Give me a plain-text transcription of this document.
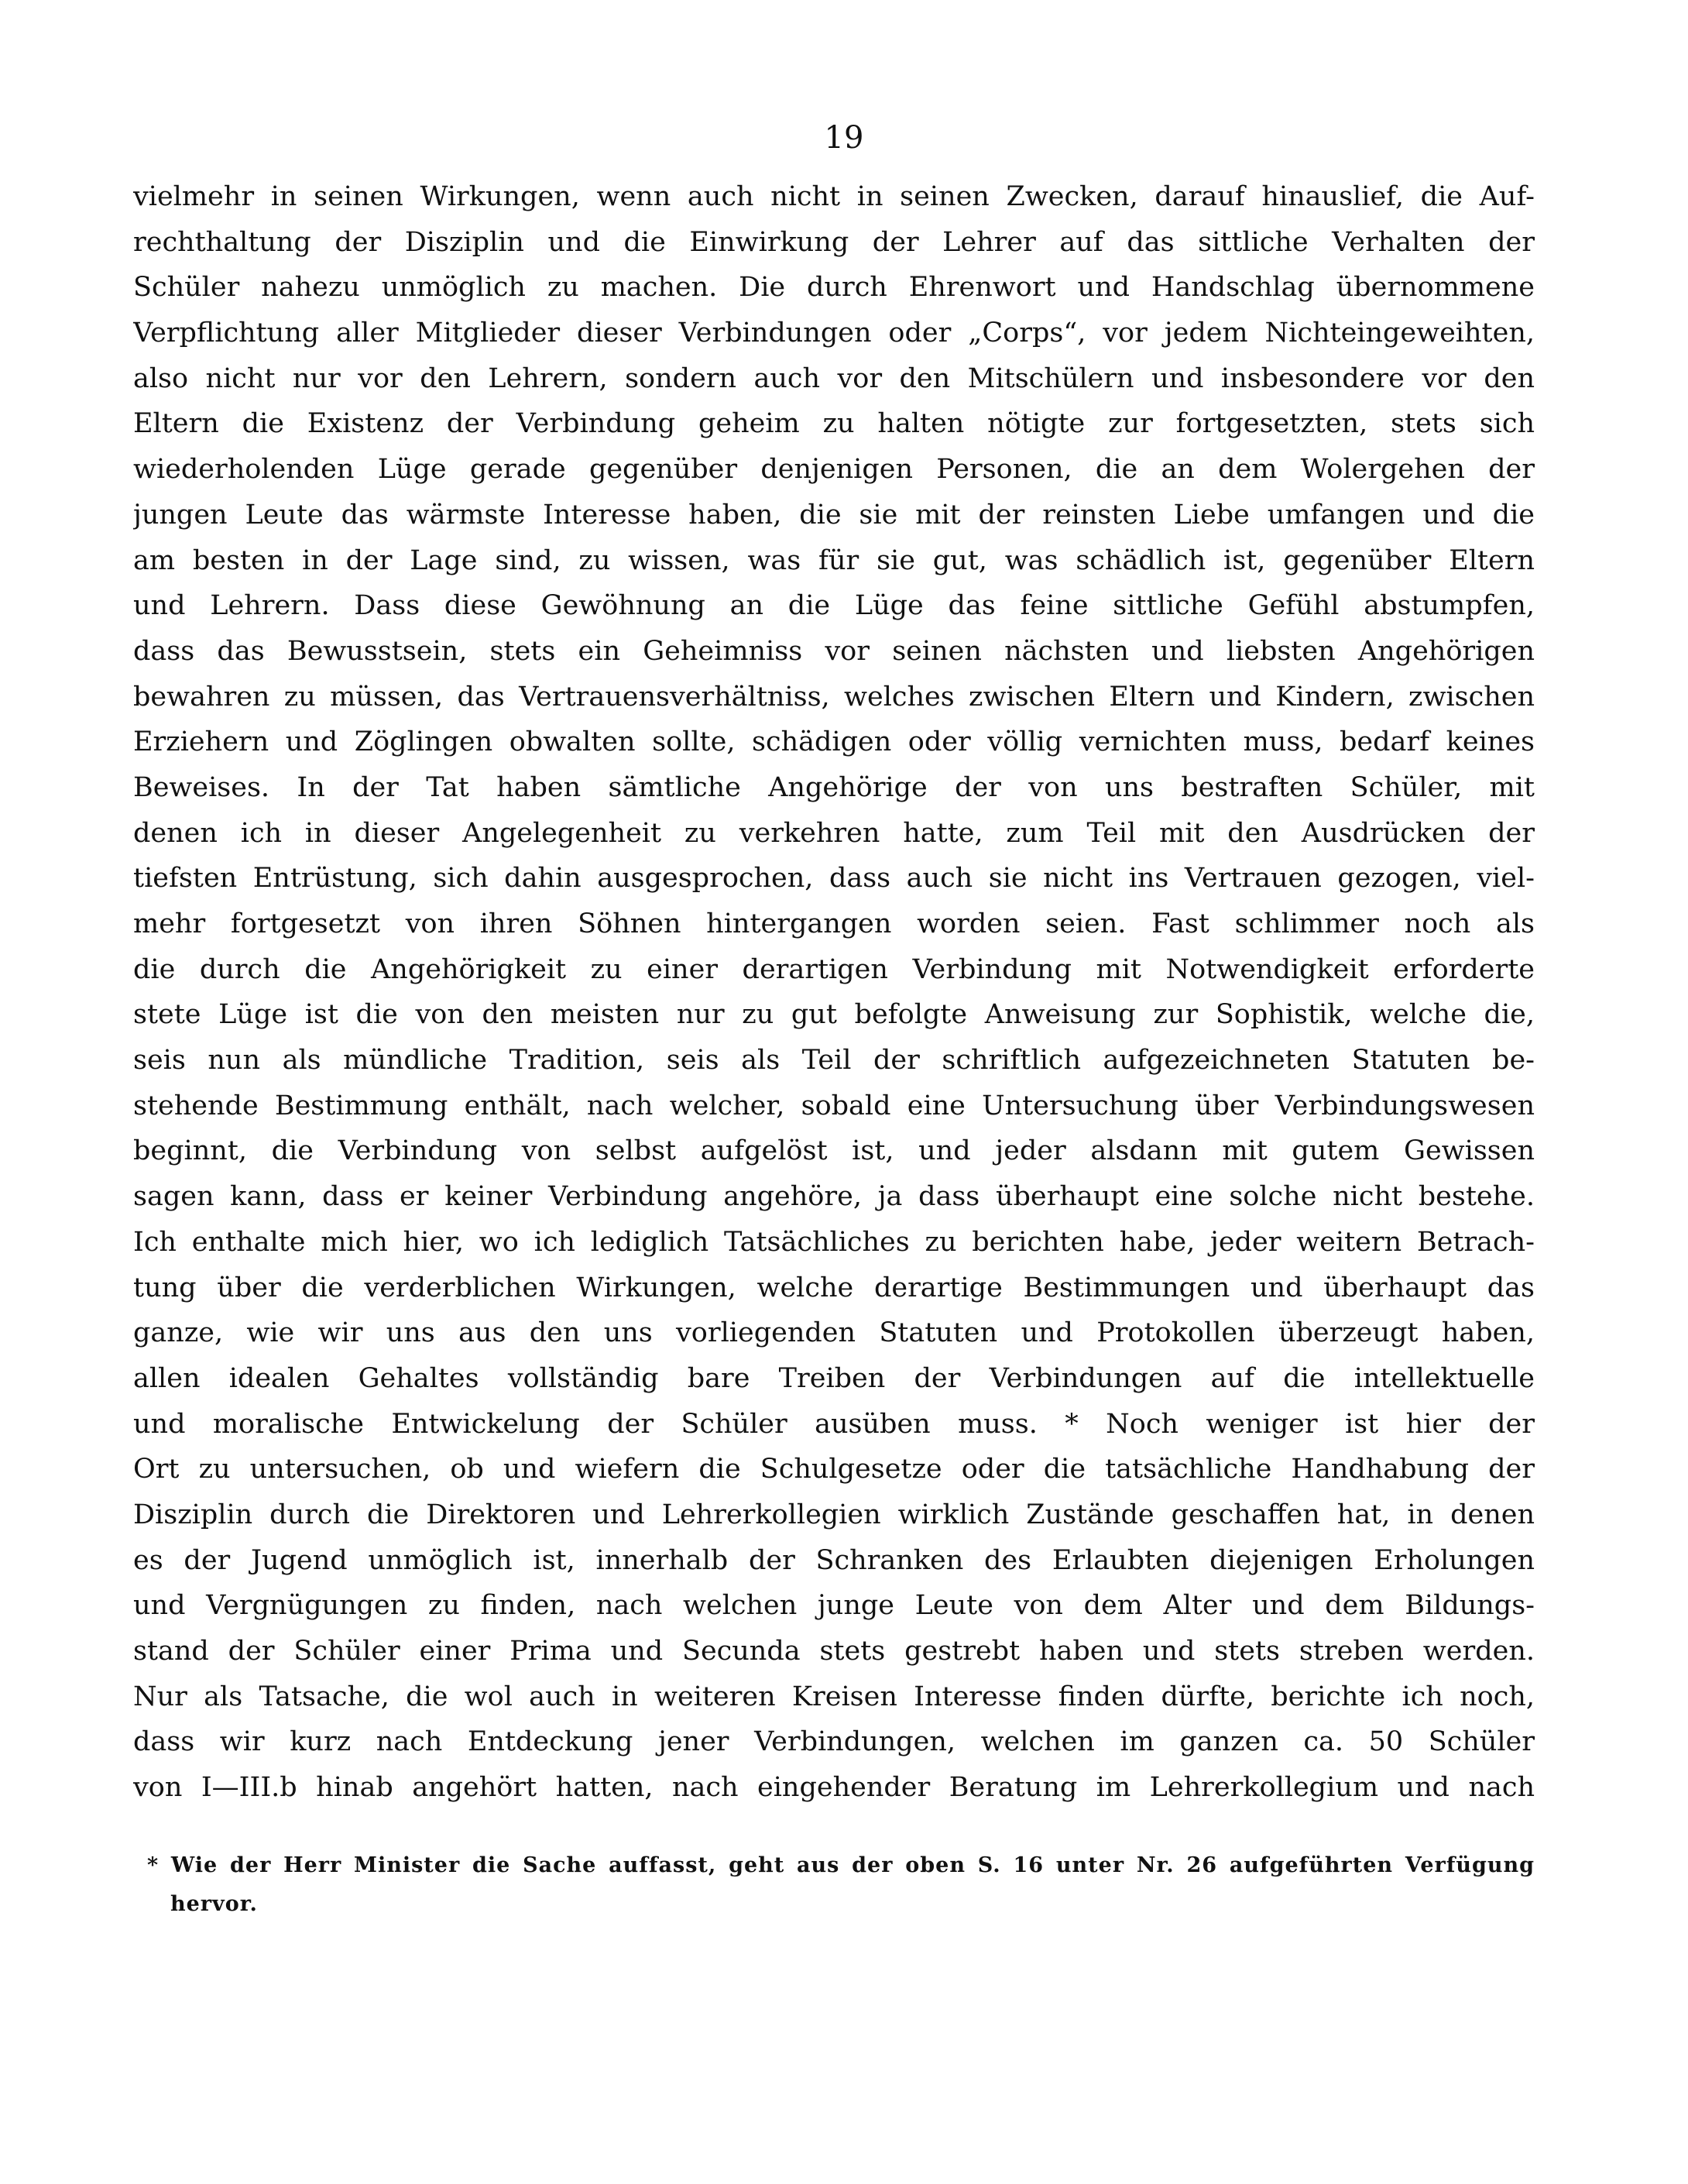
19
vielmehr in seinen Wirkungen, wenn auch nicht in seinen Zwecken, darauf hinauslief, die Auf-
rechthaltung der Disziplin und die Einwirkung der Lehrer auf das sittliche Verhalten der
Schüler nahezu unmöglich zu machen. Die durch Ehrenwort und Handschlag übernommene
Verpflichtung aller Mitglieder dieser Verbindungen oder „Corps“, vor jedem Nichteingeweihten,
also nicht nur vor den Lehrern, sondern auch vor den Mitschülern und insbesondere vor den
Eltern die Existenz der Verbindung geheim zu halten nötigte zur fortgesetzten, stets sich
wiederholenden Lüge gerade gegenüber denjenigen Personen, die an dem Wolergehen der
jungen Leute das wärmste Interesse haben, die sie mit der reinsten Liebe umfangen und die
am besten in der Lage sind, zu wissen, was für sie gut, was schädlich ist, gegenüber Eltern
und Lehrern. Dass diese Gewöhnung an die Lüge das feine sittliche Gefühl abstumpfen,
dass das Bewusstsein, stets ein Geheimniss vor seinen nächsten und liebsten Angehörigen
bewahren zu müssen, das Vertrauensverhältniss, welches zwischen Eltern und Kindern, zwischen
Erziehern und Zöglingen obwalten sollte, schädigen oder völlig vernichten muss, bedarf keines
Beweises. In der Tat haben sämtliche Angehörige der von uns bestraften Schüler, mit
denen ich in dieser Angelegenheit zu verkehren hatte, zum Teil mit den Ausdrücken der
tiefsten Entrüstung, sich dahin ausgesprochen, dass auch sie nicht ins Vertrauen gezogen, viel-
mehr fortgesetzt von ihren Söhnen hintergangen worden seien. Fast schlimmer noch als
die durch die Angehörigkeit zu einer derartigen Verbindung mit Notwendigkeit erforderte
stete Lüge ist die von den meisten nur zu gut befolgte Anweisung zur Sophistik, welche die,
seis nun als mündliche Tradition, seis als Teil der schriftlich aufgezeichneten Statuten be-
stehende Bestimmung enthält, nach welcher, sobald eine Untersuchung über Verbindungswesen
beginnt, die Verbindung von selbst aufgelöst ist, und jeder alsdann mit gutem Gewissen
sagen kann, dass er keiner Verbindung angehöre, ja dass überhaupt eine solche nicht bestehe.
Ich enthalte mich hier, wo ich lediglich Tatsächliches zu berichten habe, jeder weitern Betrach-
tung über die verderblichen Wirkungen, welche derartige Bestimmungen und überhaupt das
ganze, wie wir uns aus den uns vorliegenden Statuten und Protokollen überzeugt haben,
allen idealen Gehaltes vollständig bare Treiben der Verbindungen auf die intellektuelle
und moralische Entwickelung der Schüler ausüben muss. * Noch weniger ist hier der
Ort zu untersuchen, ob und wiefern die Schulgesetze oder die tatsächliche Handhabung der
Disziplin durch die Direktoren und Lehrerkollegien wirklich Zustände geschaffen hat, in denen
es der Jugend unmöglich ist, innerhalb der Schranken des Erlaubten diejenigen Erholungen
und Vergnügungen zu finden, nach welchen junge Leute von dem Alter und dem Bildungs-
stand der Schüler einer Prima und Secunda stets gestrebt haben und stets streben werden.
Nur als Tatsache, die wol auch in weiteren Kreisen Interesse finden dürfte, berichte ich noch,
dass wir kurz nach Entdeckung jener Verbindungen, welchen im ganzen ca. 50 Schüler
von I—III.b hinab angehört hatten, nach eingehender Beratung im Lehrerkollegium und nach
* Wie der Herr Minister die Sache auffasst, geht aus der oben S. 16 unter Nr. 26 aufgeführten Verfügung
hervor.
